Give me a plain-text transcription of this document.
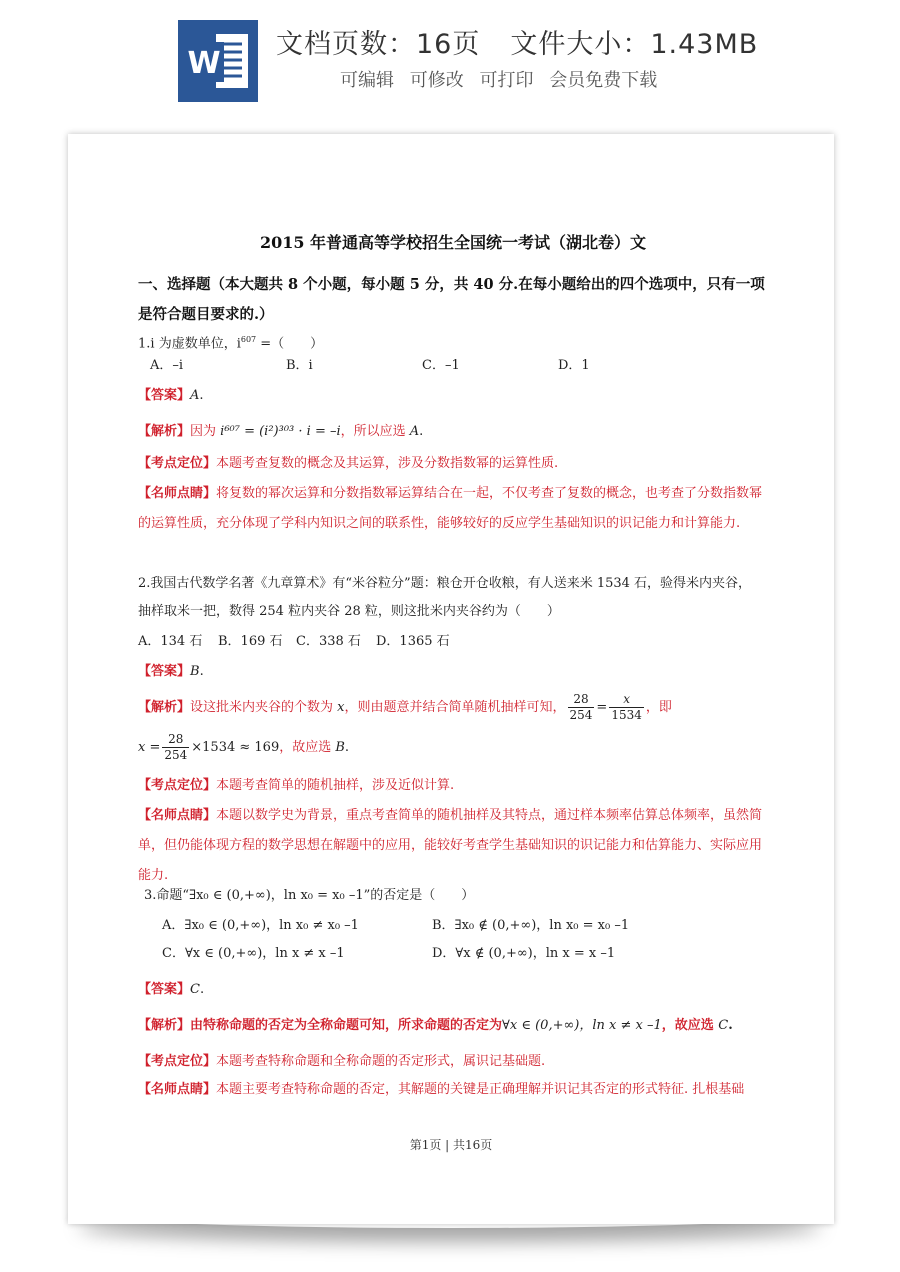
W
文档页数：16页 文件大小：1.43MB
可编辑 可修改 可打印 会员免费下载
2015 年普通高等学校招生全国统一考试（湖北卷）文
一、选择题（本大题共 8 个小题，每小题 5 分，共 40 分.在每小题给出的四个选项中，只有一项是符合题目要求的.）
1.i 为虚数单位，$i^{607}$ =（　　）
A．–i	B．i	C．–1	D．1
【答案】A.
【解析】因为 i⁶⁰⁷ = (i²)³⁰³ · i = –i，所以应选 A.
【考点定位】本题考查复数的概念及其运算，涉及分数指数幂的运算性质.
【名师点睛】将复数的幂次运算和分数指数幂运算结合在一起，不仅考查了复数的概念，也考查了分数指数幂的运算性质，充分体现了学科内知识之间的联系性，能够较好的反应学生基础知识的识记能力和计算能力.
2.我国古代数学名著《九章算术》有“米谷粒分”题：粮仓开仓收粮，有人送来米 1534 石，验得米内夹谷，
抽样取米一把，数得 254 粒内夹谷 28 粒，则这批米内夹谷约为（　　）
A．134 石 B．169 石 C．338 石 D．1365 石
【答案】B.
【解析】设这批米内夹谷的个数为 x，则由题意并结合简单随机抽样可知， $\frac{28}{254} = \frac{x}{1534}$ ，即
$x = \frac{28}{254} \times 1534 \approx 169$，故应选 B.
【考点定位】本题考查简单的随机抽样，涉及近似计算.
【名师点睛】本题以数学史为背景，重点考查简单的随机抽样及其特点，通过样本频率估算总体频率，虽然简单，但仍能体现方程的数学思想在解题中的应用，能较好考查学生基础知识的识记能力和估算能力、实际应用能力.
3.命题“∃x₀ ∈ (0,+∞)，ln x₀ = x₀ –1”的否定是（　　）
A．∃x₀ ∈ (0,+∞)，ln x₀ ≠ x₀ –1	B．∃x₀ ∉ (0,+∞)，ln x₀ = x₀ –1
C．∀x ∈ (0,+∞)，ln x ≠ x –1	D．∀x ∉ (0,+∞)，ln x = x –1
【答案】C.
【解析】由特称命题的否定为全称命题可知，所求命题的否定为∀x ∈ (0,+∞)，ln x ≠ x –1，故应选 C.
【考点定位】本题考查特称命题和全称命题的否定形式，属识记基础题.
【名师点睛】本题主要考查特称命题的否定，其解题的关键是正确理解并识记其否定的形式特征. 扎根基础
第1页 | 共16页
